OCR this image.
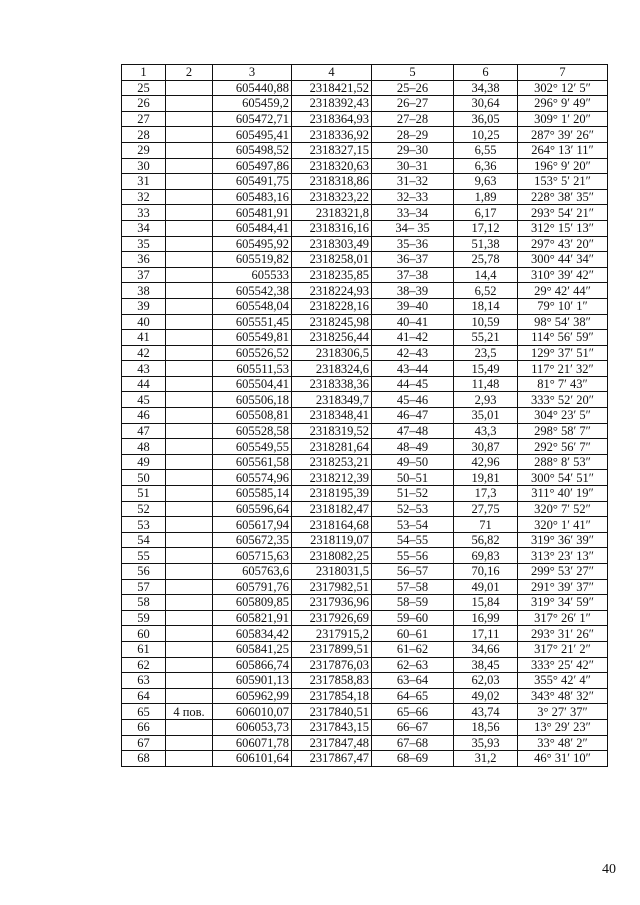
1	2	3	4	5	6	7
25		605440,88	2318421,52	25–26	34,38	302° 12′ 5″
26		605459,2	2318392,43	26–27	30,64	296° 9′ 49″
27		605472,71	2318364,93	27–28	36,05	309° 1′ 20″
28		605495,41	2318336,92	28–29	10,25	287° 39′ 26″
29		605498,52	2318327,15	29–30	6,55	264° 13′ 11″
30		605497,86	2318320,63	30–31	6,36	196° 9′ 20″
31		605491,75	2318318,86	31–32	9,63	153° 5′ 21″
32		605483,16	2318323,22	32–33	1,89	228° 38′ 35″
33		605481,91	2318321,8	33–34	6,17	293° 54′ 21″
34		605484,41	2318316,16	34– 35	17,12	312° 15′ 13″
35		605495,92	2318303,49	35–36	51,38	297° 43′ 20″
36		605519,82	2318258,01	36–37	25,78	300° 44′ 34″
37		605533	2318235,85	37–38	14,4	310° 39′ 42″
38		605542,38	2318224,93	38–39	6,52	29° 42′ 44″
39		605548,04	2318228,16	39–40	18,14	79° 10′ 1″
40		605551,45	2318245,98	40–41	10,59	98° 54′ 38″
41		605549,81	2318256,44	41–42	55,21	114° 56′ 59″
42		605526,52	2318306,5	42–43	23,5	129° 37′ 51″
43		605511,53	2318324,6	43–44	15,49	117° 21′ 32″
44		605504,41	2318338,36	44–45	11,48	81° 7′ 43″
45		605506,18	2318349,7	45–46	2,93	333° 52′ 20″
46		605508,81	2318348,41	46–47	35,01	304° 23′ 5″
47		605528,58	2318319,52	47–48	43,3	298° 58′ 7″
48		605549,55	2318281,64	48–49	30,87	292° 56′ 7″
49		605561,58	2318253,21	49–50	42,96	288° 8′ 53″
50		605574,96	2318212,39	50–51	19,81	300° 54′ 51″
51		605585,14	2318195,39	51–52	17,3	311° 40′ 19″
52		605596,64	2318182,47	52–53	27,75	320° 7′ 52″
53		605617,94	2318164,68	53–54	71	320° 1′ 41″
54		605672,35	2318119,07	54–55	56,82	319° 36′ 39″
55		605715,63	2318082,25	55–56	69,83	313° 23′ 13″
56		605763,6	2318031,5	56–57	70,16	299° 53′ 27″
57		605791,76	2317982,51	57–58	49,01	291° 39′ 37″
58		605809,85	2317936,96	58–59	15,84	319° 34′ 59″
59		605821,91	2317926,69	59–60	16,99	317° 26′ 1″
60		605834,42	2317915,2	60–61	17,11	293° 31′ 26″
61		605841,25	2317899,51	61–62	34,66	317° 21′ 2″
62		605866,74	2317876,03	62–63	38,45	333° 25′ 42″
63		605901,13	2317858,83	63–64	62,03	355° 42′ 4″
64		605962,99	2317854,18	64–65	49,02	343° 48′ 32″
65	4 пов.	606010,07	2317840,51	65–66	43,74	3° 27′ 37″
66		606053,73	2317843,15	66–67	18,56	13° 29′ 23″
67		606071,78	2317847,48	67–68	35,93	33° 48′ 2″
68		606101,64	2317867,47	68–69	31,2	46° 31′ 10″
40
